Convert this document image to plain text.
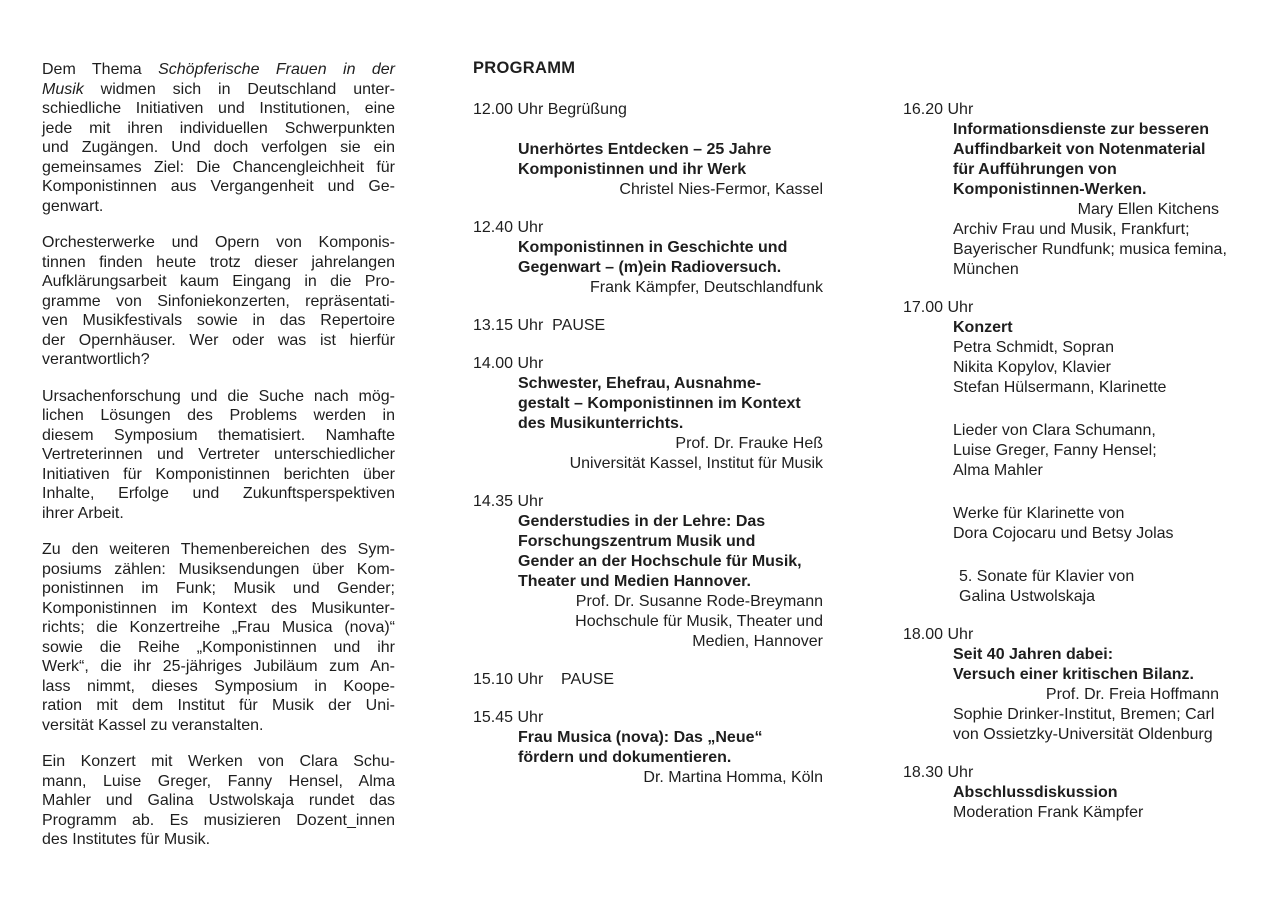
Dem Thema Schöpferische Frauen in der
Musik widmen sich in Deutschland unter-
schiedliche Initiativen und Institutionen, eine
jede mit ihren individuellen Schwerpunkten
und Zugängen. Und doch verfolgen sie ein
gemeinsames Ziel: Die Chancengleichheit für
Komponistinnen aus Vergangenheit und Ge-
genwart.
Orchesterwerke und Opern von Komponis-
tinnen finden heute trotz dieser jahrelangen
Aufklärungsarbeit kaum Eingang in die Pro-
gramme von Sinfoniekonzerten, repräsentati-
ven Musikfestivals sowie in das Repertoire
der Opernhäuser. Wer oder was ist hierfür
verantwortlich?
Ursachenforschung und die Suche nach mög-
lichen Lösungen des Problems werden in
diesem Symposium thematisiert. Namhafte
Vertreterinnen und Vertreter unterschiedlicher
Initiativen für Komponistinnen berichten über
Inhalte, Erfolge und Zukunftsperspektiven
ihrer Arbeit.
Zu den weiteren Themenbereichen des Sym-
posiums zählen: Musiksendungen über Kom-
ponistinnen im Funk; Musik und Gender;
Komponistinnen im Kontext des Musikunter-
richts; die Konzertreihe „Frau Musica (nova)“
sowie die Reihe „Komponistinnen und ihr
Werk“, die ihr 25-jähriges Jubiläum zum An-
lass nimmt, dieses Symposium in Koope-
ration mit dem Institut für Musik der Uni-
versität Kassel zu veranstalten.
Ein Konzert mit Werken von Clara Schu-
mann, Luise Greger, Fanny Hensel, Alma
Mahler und Galina Ustwolskaja rundet das
Programm ab. Es musizieren Dozent_innen
des Institutes für Musik.
PROGRAMM
12.00 Uhr Begrüßung
Unerhörtes Entdecken – 25 Jahre
Komponistinnen und ihr Werk
Christel Nies-Fermor, Kassel
12.40 Uhr
Komponistinnen in Geschichte und
Gegenwart – (m)ein Radioversuch.
Frank Kämpfer, Deutschlandfunk
13.15 Uhr  PAUSE
14.00 Uhr
Schwester, Ehefrau, Ausnahme-
gestalt – Komponistinnen im Kontext
des Musikunterrichts.
Prof. Dr. Frauke Heß
Universität Kassel, Institut für Musik
14.35 Uhr
Genderstudies in der Lehre: Das
Forschungszentrum Musik und
Gender an der Hochschule für Musik,
Theater und Medien Hannover.
Prof. Dr. Susanne Rode-Breymann
Hochschule für Musik, Theater und
Medien, Hannover
15.10 Uhr    PAUSE
15.45 Uhr
Frau Musica (nova): Das „Neue“
fördern und dokumentieren.
Dr. Martina Homma, Köln
16.20 Uhr
Informationsdienste zur besseren
Auffindbarkeit von Notenmaterial
für Aufführungen von
Komponistinnen-Werken.
Mary Ellen Kitchens
Archiv Frau und Musik, Frankfurt;
Bayerischer Rundfunk; musica femina,
München
17.00 Uhr
Konzert
Petra Schmidt, Sopran
Nikita Kopylov, Klavier
Stefan Hülsermann, Klarinette
Lieder von Clara Schumann,
Luise Greger, Fanny Hensel;
Alma Mahler
Werke für Klarinette von
Dora Cojocaru und Betsy Jolas
5. Sonate für Klavier von
Galina Ustwolskaja
18.00 Uhr
Seit 40 Jahren dabei:
Versuch einer kritischen Bilanz.
Prof. Dr. Freia Hoffmann
Sophie Drinker-Institut, Bremen; Carl
von Ossietzky-Universität Oldenburg
18.30 Uhr
Abschlussdiskussion
Moderation Frank Kämpfer
